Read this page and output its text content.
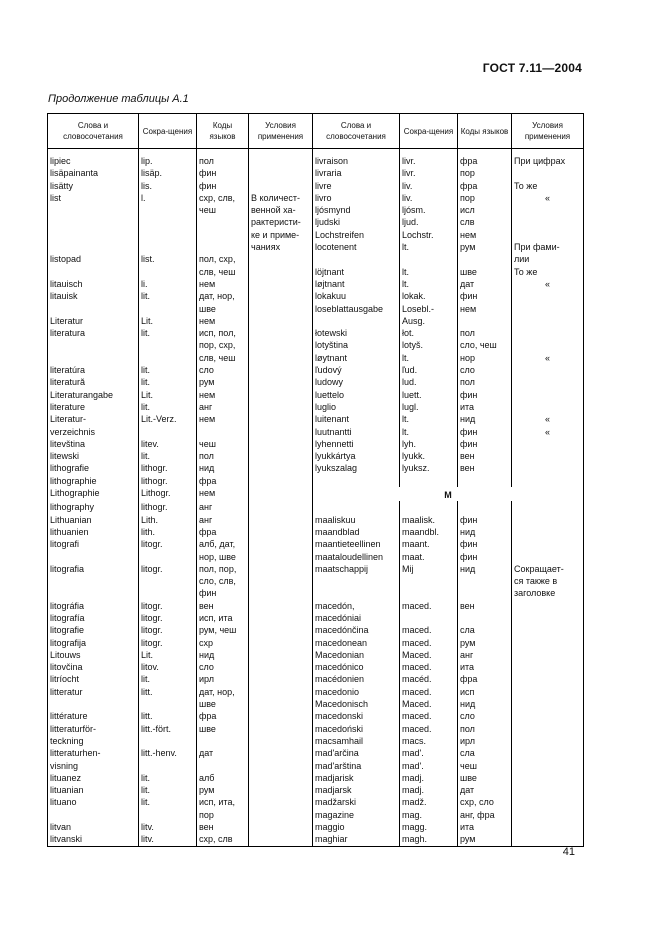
ГОСТ 7.11—2004
Продолжение таблицы А.1
Слова и словосочетания	Сокра-щения	Коды языков	Условия применения	Слова и словосочетания	Сокра-щения	Коды языков	Условия применения

lipiec	lip.	пол		livraison	livr.	фра	При цифрах
lisäpainanta	lisäp.	фин		livraria	livr.	пор	
lisätty	lis.	фин		livre	liv.	фра	То же
list	l.	схр, слв,	В количест-	livro	liv.	пор	«
		чеш	венной ха-	ljósmynd	ljósm.	исл	
			рактеристи-	ljudski	ljud.	слв	
			ке и приме-	Lochstreifen	Lochstr.	нем	
			чаниях	locotenent	lt.	рум	При фами-
listopad	list.	пол, схр,					лии
		слв, чеш		löjtnant	lt.	шве	То же
litauisch	li.	нем		løjtnant	lt.	дат	«
litauisk	lit.	дат, нор,		lokakuu	lokak.	фин	
		шве		loseblattausgabe	Losebl.-	нем	
Literatur	Lit.	нем			Ausg.		
literatura	lit.	исп, пол,		łotewski	łot.	пол	
		пор, схр,		lotyština	lotyš.	сло, чеш	
		слв, чеш		løytnant	lt.	нор	«
literatúra	lit.	сло		ľudový	ľud.	сло	
literatură	lit.	рум		ludowy	lud.	пол	
Literaturangabe	Lit.	нем		luettelo	luett.	фин	
literature	lit.	анг		luglio	lugl.	ита	
Literatur-	Lit.-Verz.	нем		luitenant	lt.	нид	«
verzeichnis				luutnantti	lt.	фин	«
litevština	litev.	чеш		lyhennetti	lyh.	фин	
litewski	lit.	пол		lyukkártya	lyukk.	вен	
lithografie	lithogr.	нид		lyukszalag	lyuksz.	вен	
lithographie	lithogr.	фра					
Lithographie	Lithogr.	нем		М			

lithography	lithogr.	анг					
Lithuanian	Lith.	анг		maaliskuu	maalisk.	фин	
lithuanien	lith.	фра		maandblad	maandbl.	нид	
litografi	litogr.	алб, дат,		maantieteellinen	maant.	фин	
		нор, шве		maataloudellinen	maat.	фин	
litografia	litogr.	пол, пор,		maatschappij	Mij	нид	Сокращает-
		сло, слв,					ся также в
		фин					заголовке
litográfia	litogr.	вен		macedón,	maced.	вен	
litografía	litogr.	исп, ита		macedóniai			
litografie	litogr.	рум, чеш		macedónčina	maced.	сла	
litografija	litogr.	схр		macedonean	maced.	рум	
Litouws	Lit.	нид		Macedonian	Maced.	анг	
litovčina	litov.	сло		macedónico	maced.	ита	
litríocht	lit.	ирл		macédonien	macéd.	фра	
litteratur	litt.	дат, нор,		macedonio	maced.	исп	
		шве		Macedonisch	Maced.	нид	
littérature	litt.	фра		macedonski	maced.	сло	
litteraturför-	litt.-fört.	шве		macedoński	maced.	пол	
teckning				macsamhail	macs.	ирл	
litteraturhen-	litt.-henv.	дат		mad'arčina	mad'.	сла	
visning				mad'arština	mad'.	чеш	
lituanez	lit.	алб		madjarisk	madj.	шве	
lituanian	lit.	рум		madjarsk	madj.	дат	
lituano	lit.	исп, ита,		madžarski	madž.	схр, сло	
		пор		magazine	mag.	анг, фра	
litvan	litv.	вен		maggio	magg.	ита	
litvanski	litv.	схр, слв		maghiar	magh.	рум	
41
